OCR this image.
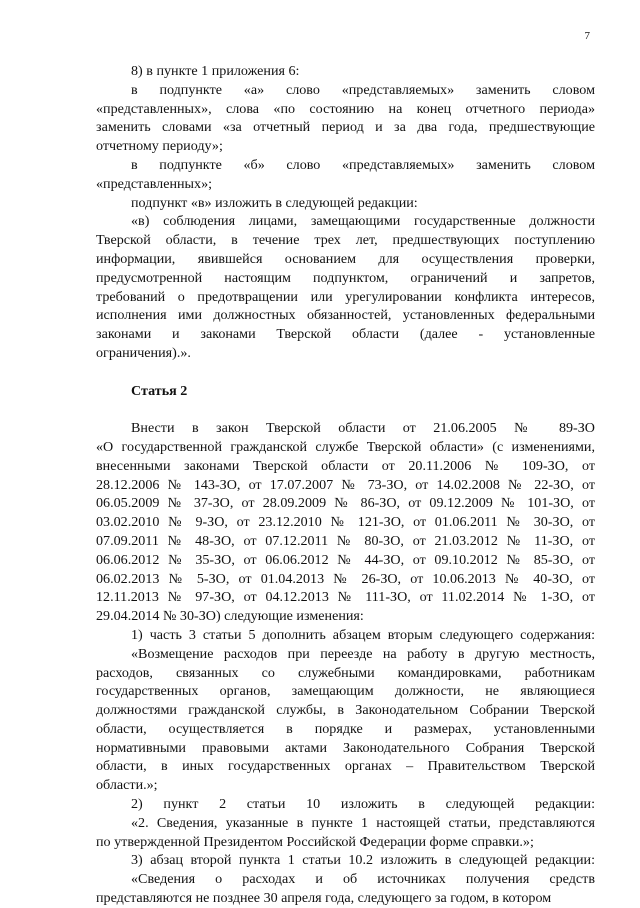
7
8) в пункте 1 приложения 6:
в подпункте «а» слово «представляемых» заменить словом
«представленных», слова «по состоянию на конец отчетного периода»
заменить словами «за отчетный период и за два года, предшествующие
отчетному периоду»;
в подпункте «б» слово «представляемых» заменить словом
«представленных»;
подпункт «в» изложить в следующей редакции:
«в) соблюдения лицами, замещающими государственные должности
Тверской области, в течение трех лет, предшествующих поступлению
информации, явившейся основанием для осуществления проверки,
предусмотренной настоящим подпунктом, ограничений и запретов,
требований о предотвращении или урегулировании конфликта интересов,
исполнения ими должностных обязанностей, установленных федеральными
законами и законами Тверской области (далее - установленные
ограничения).».
Статья 2
Внести в закон Тверской области от 21.06.2005 № 89-ЗО
«О государственной гражданской службе Тверской области» (с изменениями,
внесенными законами Тверской области от 20.11.2006 № 109-ЗО, от
28.12.2006 № 143-ЗО, от 17.07.2007 № 73-ЗО, от 14.02.2008 № 22-ЗО, от
06.05.2009 № 37-ЗО, от 28.09.2009 № 86-ЗО, от 09.12.2009 № 101-ЗО, от
03.02.2010 № 9-ЗО, от 23.12.2010 № 121-ЗО, от 01.06.2011 № 30-ЗО, от
07.09.2011 № 48-ЗО, от 07.12.2011 № 80-ЗО, от 21.03.2012 № 11-ЗО, от
06.06.2012 № 35-ЗО, от 06.06.2012 № 44-ЗО, от 09.10.2012 № 85-ЗО, от
06.02.2013 № 5-ЗО, от 01.04.2013 № 26-ЗО, от 10.06.2013 № 40-ЗО, от
12.11.2013 № 97-ЗО, от 04.12.2013 № 111-ЗО, от 11.02.2014 № 1-ЗО, от
29.04.2014 № 30-ЗО) следующие изменения:
1) часть 3 статьи 5 дополнить абзацем вторым следующего содержания:
«Возмещение расходов при переезде на работу в другую местность,
расходов, связанных со служебными командировками, работникам
государственных органов, замещающим должности, не являющиеся
должностями гражданской службы, в Законодательном Собрании Тверской
области, осуществляется в порядке и размерах, установленными
нормативными правовыми актами Законодательного Собрания Тверской
области, в иных государственных органах – Правительством Тверской
области.»;
2) пункт 2 статьи 10 изложить в следующей редакции:
«2. Сведения, указанные в пункте 1 настоящей статьи, представляются
по утвержденной Президентом Российской Федерации форме справки.»;
3) абзац второй пункта 1 статьи 10.2 изложить в следующей редакции:
«Сведения о расходах и об источниках получения средств
представляются не позднее 30 апреля года, следующего за годом, в котором
